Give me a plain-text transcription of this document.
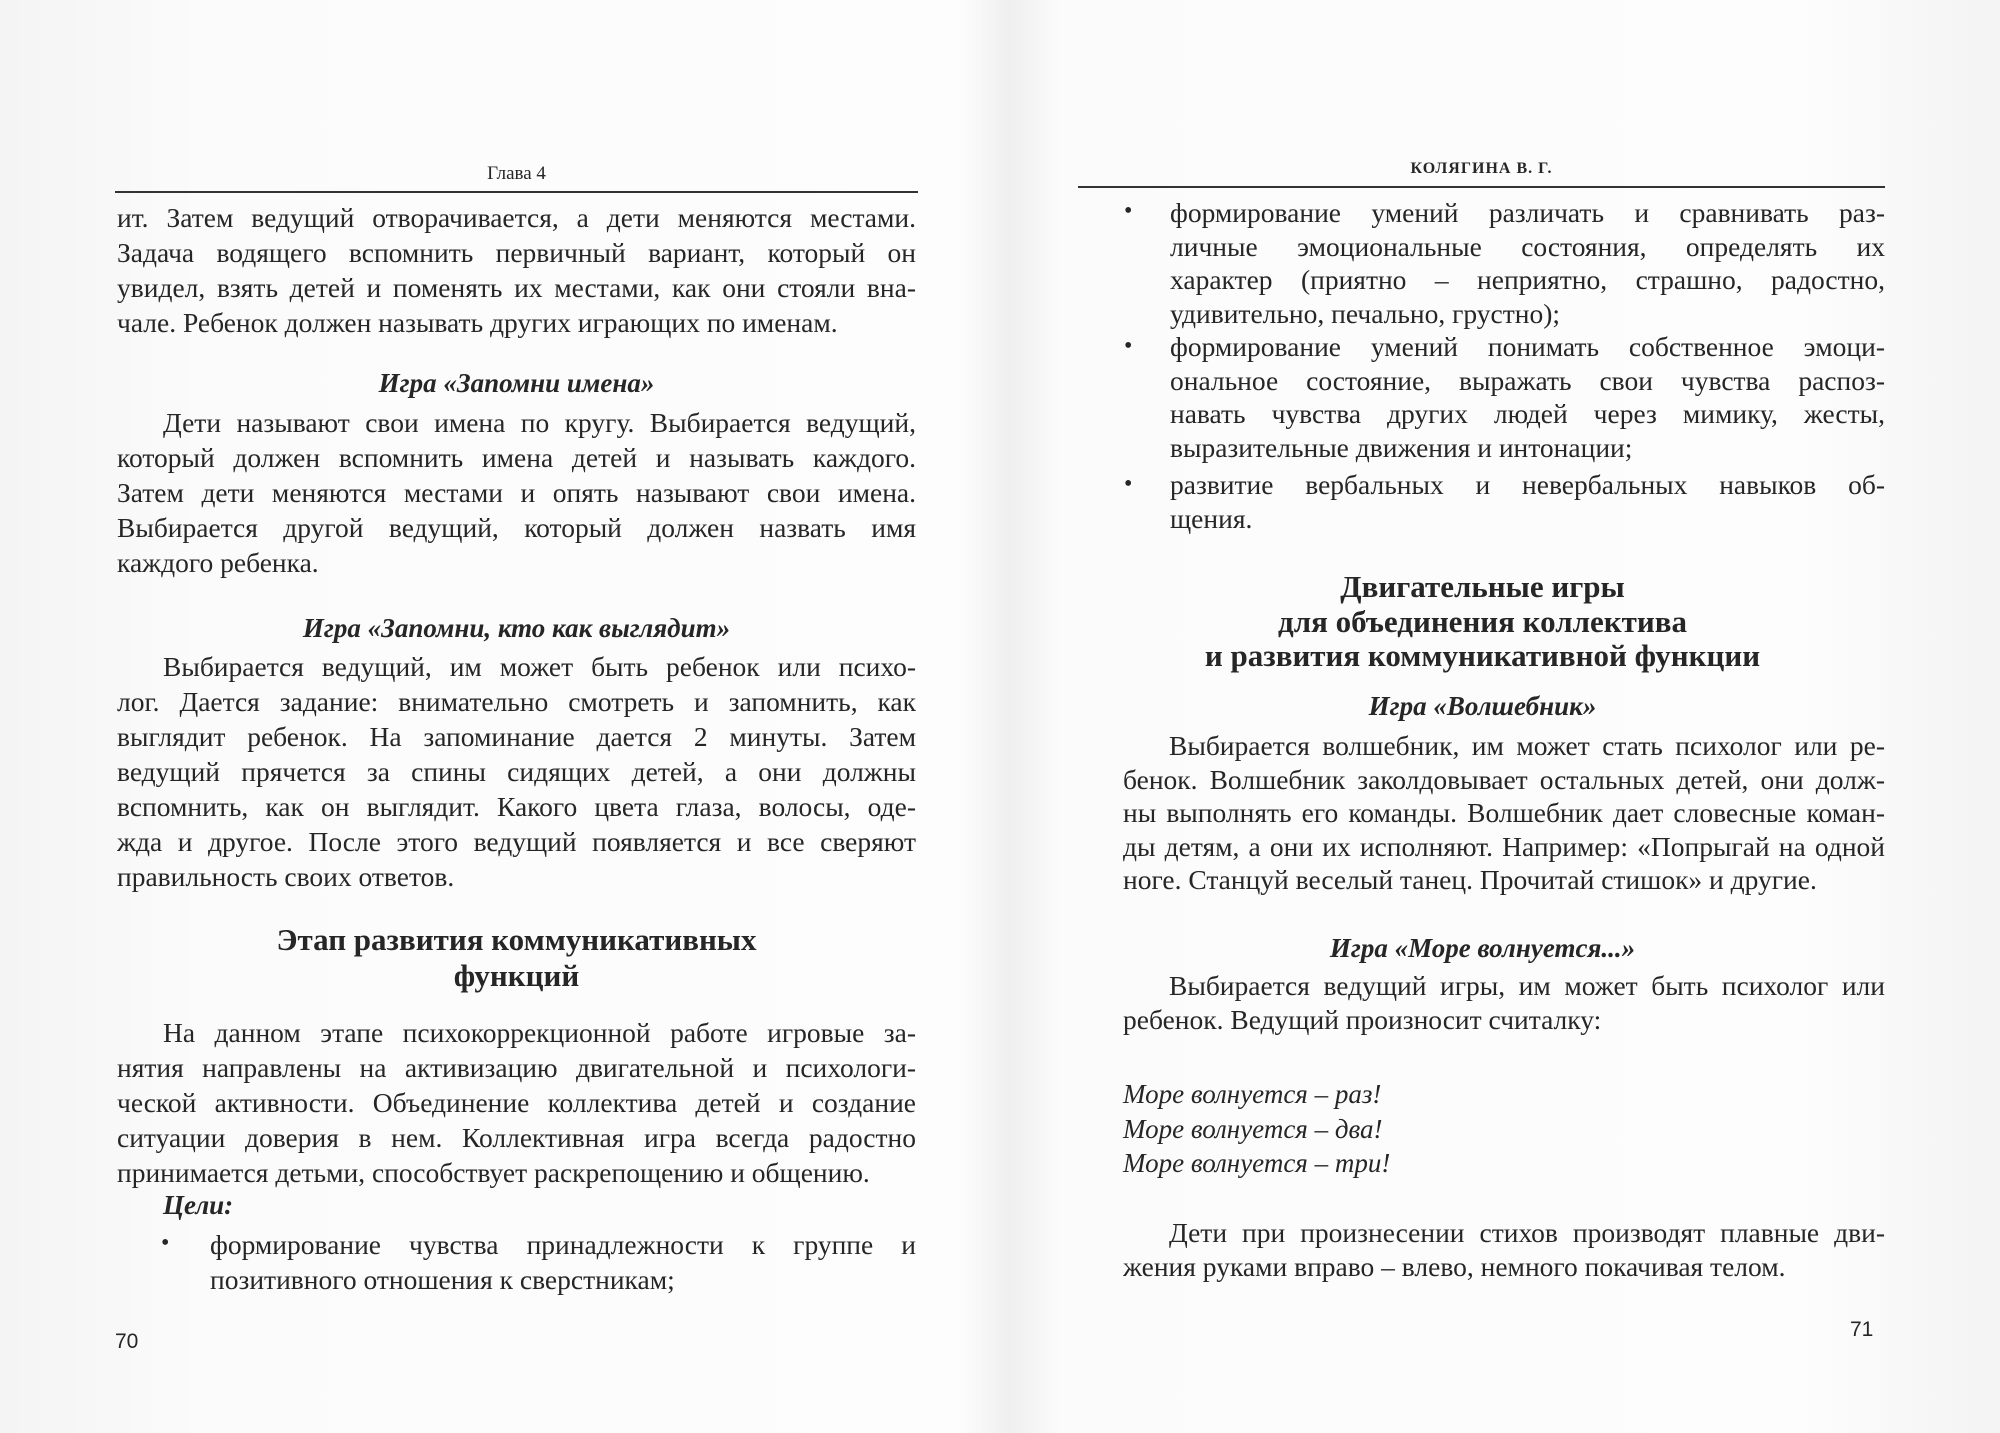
Глава 4
ит. Затем ведущий отворачивается, а дети меняются местами.
Задача водящего вспомнить первичный вариант, который он
увидел, взять детей и поменять их местами, как они стояли вна-
чале. Ребенок должен называть других играющих по именам.
Игра «Запомни имена»
Дети называют свои имена по кругу. Выбирается ведущий,
который должен вспомнить имена детей и называть каждого.
Затем дети меняются местами и опять называют свои имена.
Выбирается другой ведущий, который должен назвать имя
каждого ребенка.
Игра «Запомни, кто как выглядит»
Выбирается ведущий, им может быть ребенок или психо-
лог. Дается задание: внимательно смотреть и запомнить, как
выглядит ребенок. На запоминание дается 2 минуты. Затем
ведущий прячется за спины сидящих детей, а они должны
вспомнить, как он выглядит. Какого цвета глаза, волосы, оде-
жда и другое. После этого ведущий появляется и все сверяют
правильность своих ответов.
Этап развития коммуникативных
функций
На данном этапе психокоррекционной работе игровые за-
нятия направлены на активизацию двигательной и психологи-
ческой активности. Объединение коллектива детей и создание
ситуации доверия в нем. Коллективная игра всегда радостно
принимается детьми, способствует раскрепощению и общению.
Цели:
• формирование чувства принадлежности к группе и
позитивного отношения к сверстникам;
70
КОЛЯГИНА В. Г.
• формирование умений различать и сравнивать раз-
личные эмоциональные состояния, определять их
характер (приятно – неприятно, страшно, радостно,
удивительно, печально, грустно);
• формирование умений понимать собственное эмоци-
ональное состояние, выражать свои чувства распоз-
навать чувства других людей через мимику, жесты,
выразительные движения и интонации;
• развитие вербальных и невербальных навыков об-
щения.
Двигательные игры
для объединения коллектива
и развития коммуникативной функции
Игра «Волшебник»
Выбирается волшебник, им может стать психолог или ре-
бенок. Волшебник заколдовывает остальных детей, они долж-
ны выполнять его команды. Волшебник дает словесные коман-
ды детям, а они их исполняют. Например: «Попрыгай на одной
ноге. Станцуй веселый танец. Прочитай стишок» и другие.
Игра «Море волнуется...»
Выбирается ведущий игры, им может быть психолог или
ребенок. Ведущий произносит считалку:
Море волнуется – раз!
Море волнуется – два!
Море волнуется – три!
Дети при произнесении стихов производят плавные дви-
жения руками вправо – влево, немного покачивая телом.
71
